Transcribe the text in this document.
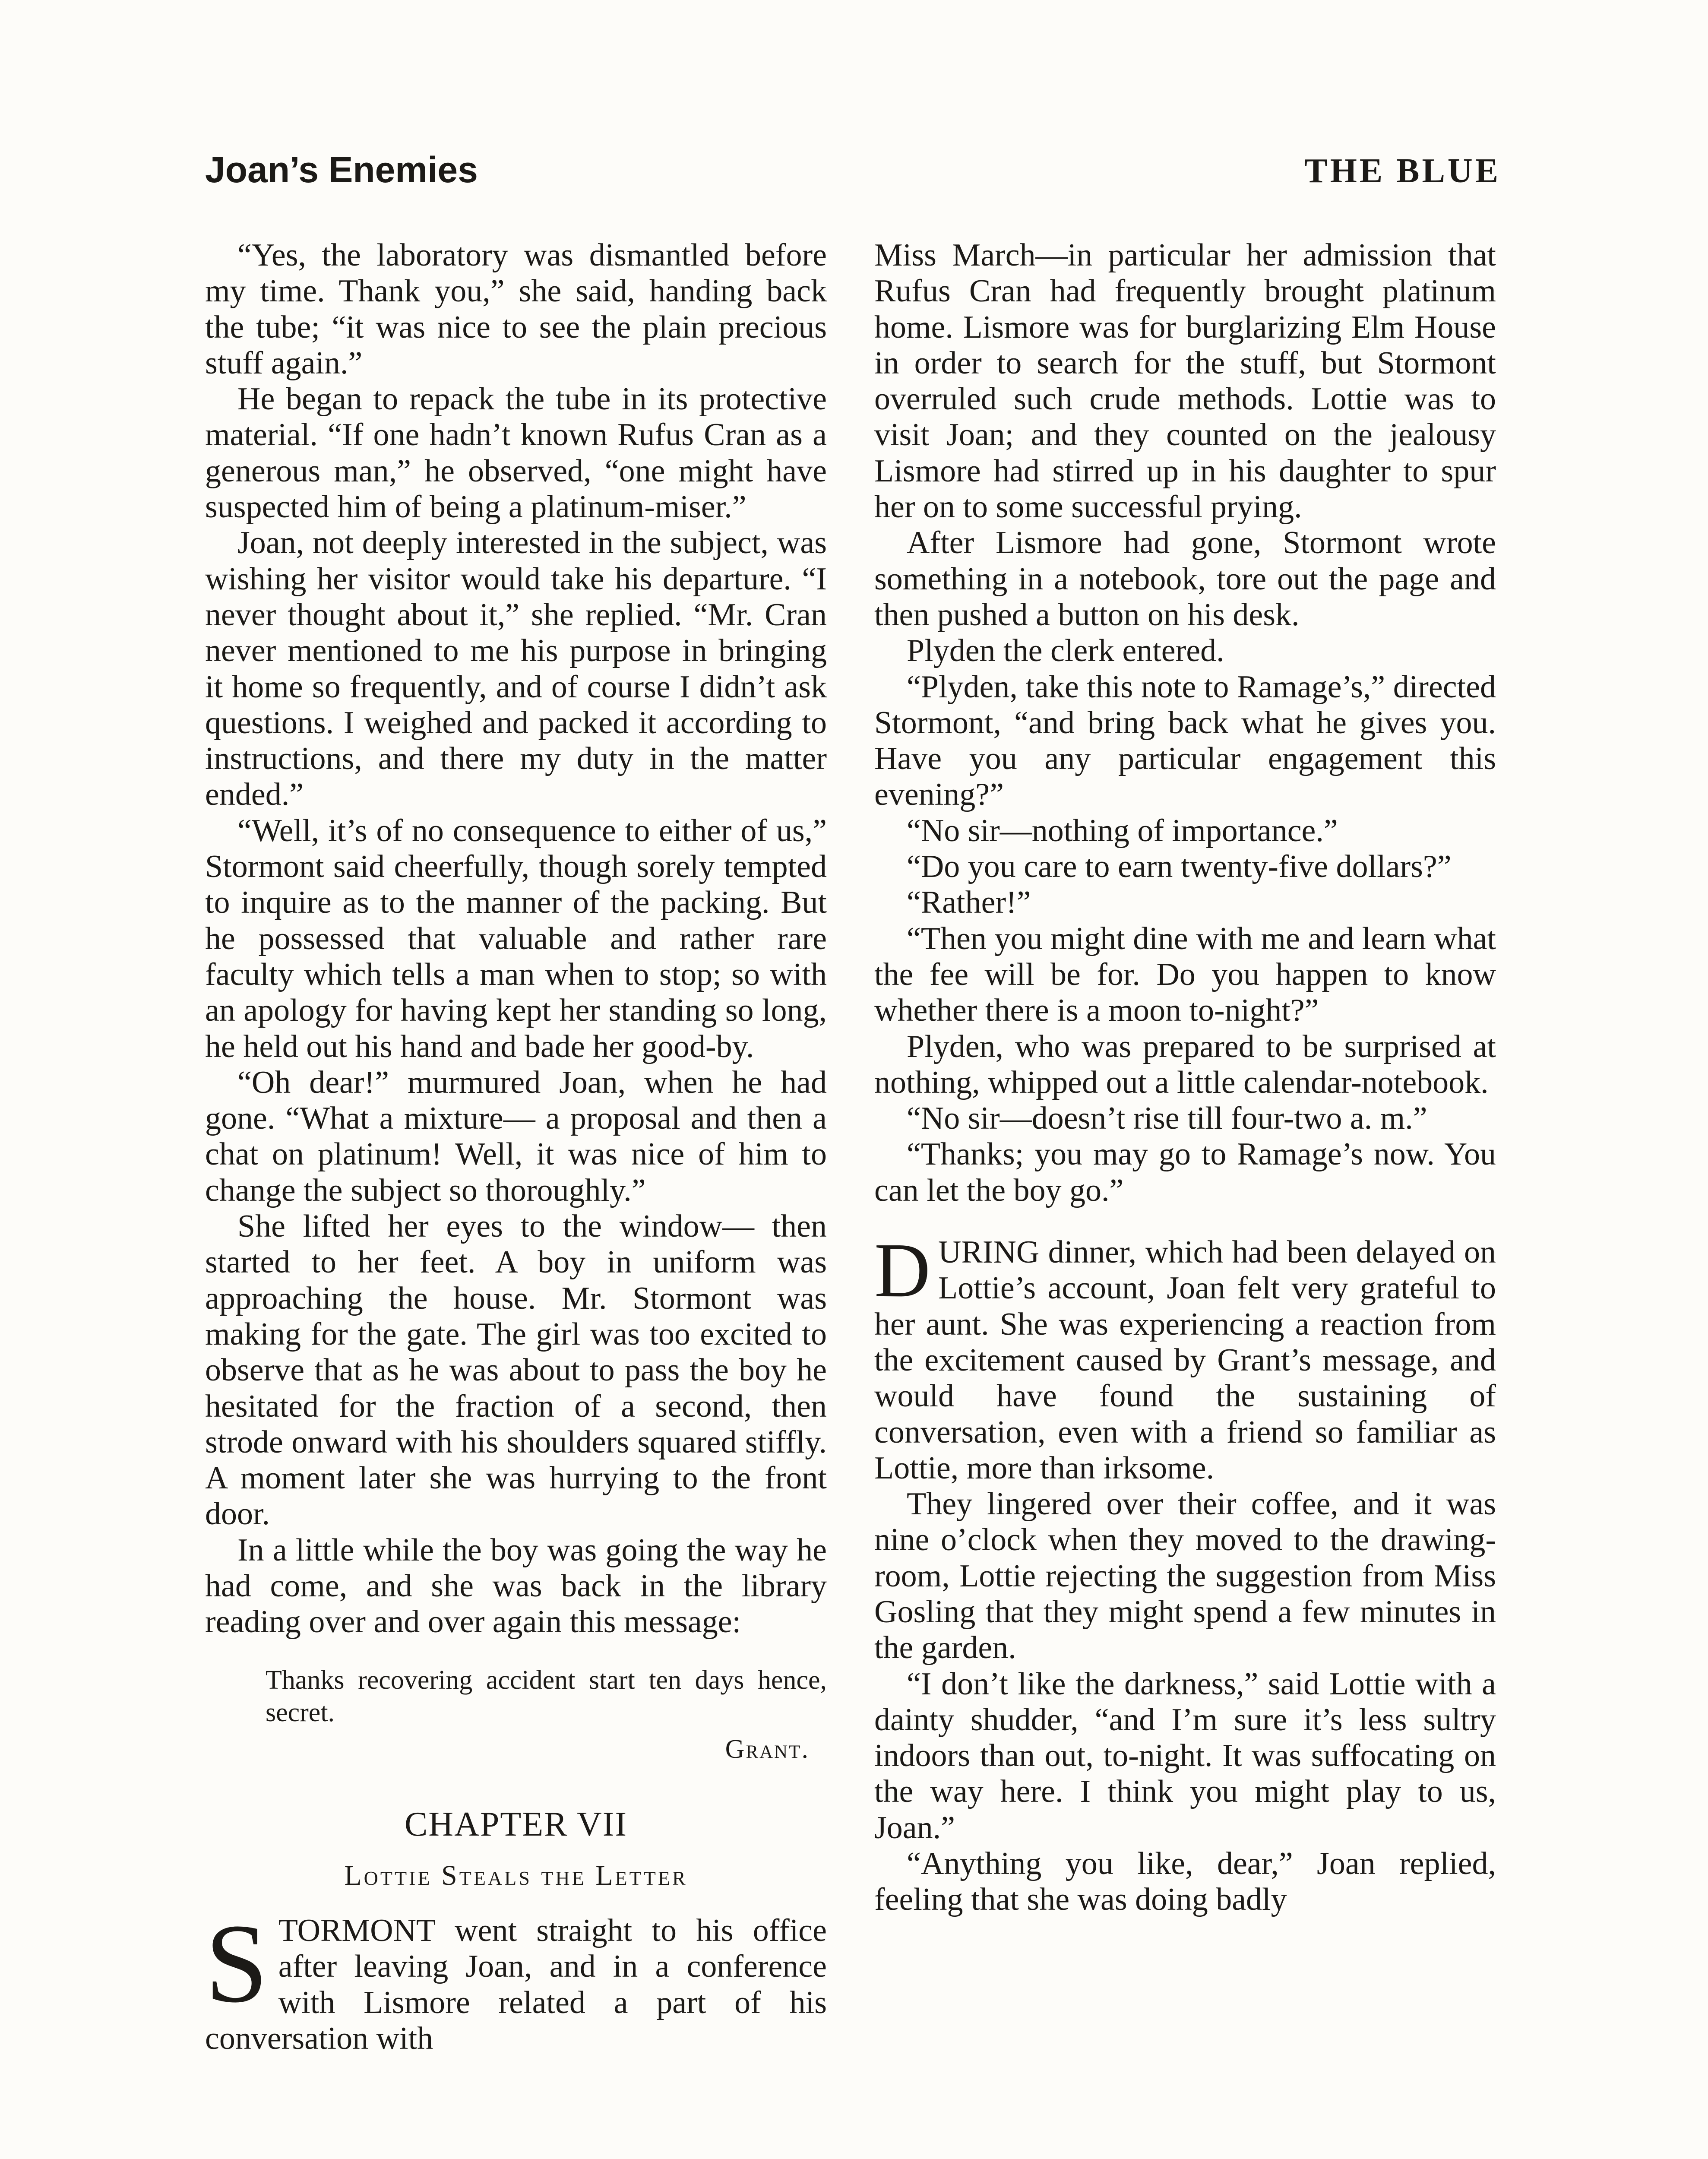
Joan’s Enemies	THE BLUE

“Yes, the laboratory was dismantled before my time. Thank you,” she said, handing back the tube; “it was nice to see the plain precious stuff again.”

He began to repack the tube in its protective material. “If one hadn’t known Rufus Cran as a generous man,” he observed, “one might have suspected him of being a platinum-miser.”

Joan, not deeply interested in the subject, was wishing her visitor would take his departure. “I never thought about it,” she replied. “Mr. Cran never mentioned to me his purpose in bringing it home so frequently, and of course I didn’t ask questions. I weighed and packed it according to instructions, and there my duty in the matter ended.”

“Well, it’s of no consequence to either of us,” Stormont said cheerfully, though sorely tempted to inquire as to the manner of the packing. But he possessed that valuable and rather rare faculty which tells a man when to stop; so with an apology for having kept her standing so long, he held out his hand and bade her good-by.

“Oh dear!” murmured Joan, when he had gone. “What a mixture— a proposal and then a chat on platinum! Well, it was nice of him to change the subject so thoroughly.”

She lifted her eyes to the window— then started to her feet. A boy in uniform was approaching the house. Mr. Stormont was making for the gate. The girl was too excited to observe that as he was about to pass the boy he hesitated for the fraction of a second, then strode onward with his shoulders squared stiffly. A moment later she was hurrying to the front door.

In a little while the boy was going the way he had come, and she was back in the library reading over and over again this message:

Thanks recovering accident start ten days hence, secret.
Grant.
CHAPTER VII
Lottie Steals the Letter

STORMONT went straight to his office after leaving Joan, and in a conference with Lismore related a part of his conversation with

Miss March—in particular her admission that Rufus Cran had frequently brought platinum home. Lismore was for burglarizing Elm House in order to search for the stuff, but Stormont overruled such crude methods. Lottie was to visit Joan; and they counted on the jealousy Lismore had stirred up in his daughter to spur her on to some successful prying.

After Lismore had gone, Stormont wrote something in a notebook, tore out the page and then pushed a button on his desk.

Plyden the clerk entered.

“Plyden, take this note to Ramage’s,” directed Stormont, “and bring back what he gives you. Have you any particular engagement this evening?”

“No sir—nothing of importance.”

“Do you care to earn twenty-five dollars?”

“Rather!”

“Then you might dine with me and learn what the fee will be for. Do you happen to know whether there is a moon to-night?”

Plyden, who was prepared to be surprised at nothing, whipped out a little calendar-notebook.

“No sir—doesn’t rise till four-two a. m.”

“Thanks; you may go to Ramage’s now. You can let the boy go.”

DURING dinner, which had been delayed on Lottie’s account, Joan felt very grateful to her aunt. She was experiencing a reaction from the excitement caused by Grant’s message, and would have found the sustaining of conversation, even with a friend so familiar as Lottie, more than irksome.

They lingered over their coffee, and it was nine o’clock when they moved to the drawing-room, Lottie rejecting the suggestion from Miss Gosling that they might spend a few minutes in the garden.

“I don’t like the darkness,” said Lottie with a dainty shudder, “and I’m sure it’s less sultry indoors than out, to-night. It was suffocating on the way here. I think you might play to us, Joan.”

“Anything you like, dear,” Joan replied, feeling that she was doing badly
